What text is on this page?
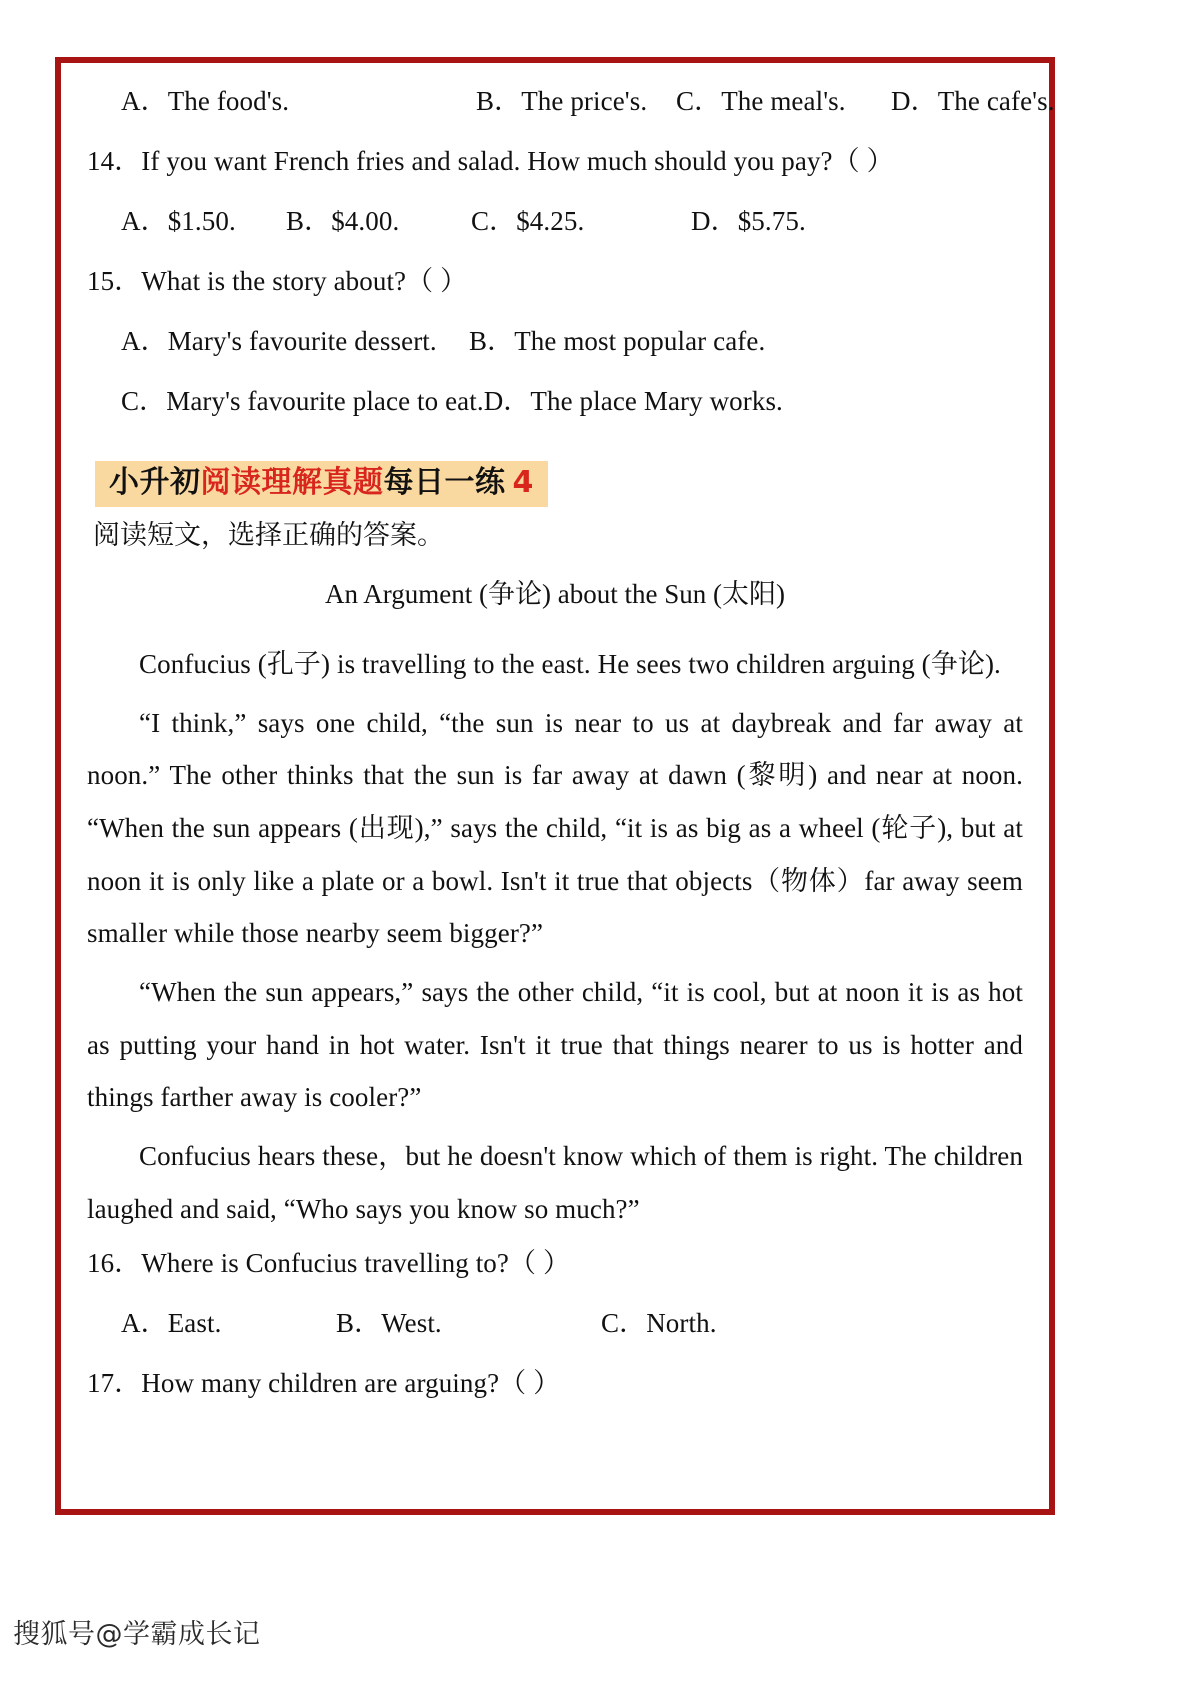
A．The food's.	B．The price's. C．The meal's. D．The cafe's.
14．If you want French fries and salad. How much should you pay?（ ）
A．$1.50. B．$4.00.	C．$4.25.	D．$5.75.
15．What is the story about?（ ）
A．Mary's favourite dessert. B．The most popular cafe.
C．Mary's favourite place to eat.D．The place Mary works.
小升初阅读理解真题每日一练 4
阅读短文，选择正确的答案。
An Argument (争论) about the Sun (太阳)
Confucius (孔子) is travelling to the east. He sees two children arguing (争论).
“I think,” says one child, “the sun is near to us at daybreak and far away at noon.” The other thinks that the sun is far away at dawn (黎明) and near at noon. “When the sun appears (出现),” says the child, “it is as big as a wheel (轮子), but at noon it is only like a plate or a bowl. Isn't it true that objects（物体）far away seem smaller while those nearby seem bigger?”
“When the sun appears,” says the other child, “it is cool, but at noon it is as hot as putting your hand in hot water. Isn't it true that things nearer to us is hotter and things farther away is cooler?”
Confucius hears these，but he doesn't know which of them is right. The children laughed and said, “Who says you know so much?”
16．Where is Confucius travelling to?（ ）
A．East.	B．West.	C．North.
17．How many children are arguing?（ ）
搜狐号@学霸成长记
